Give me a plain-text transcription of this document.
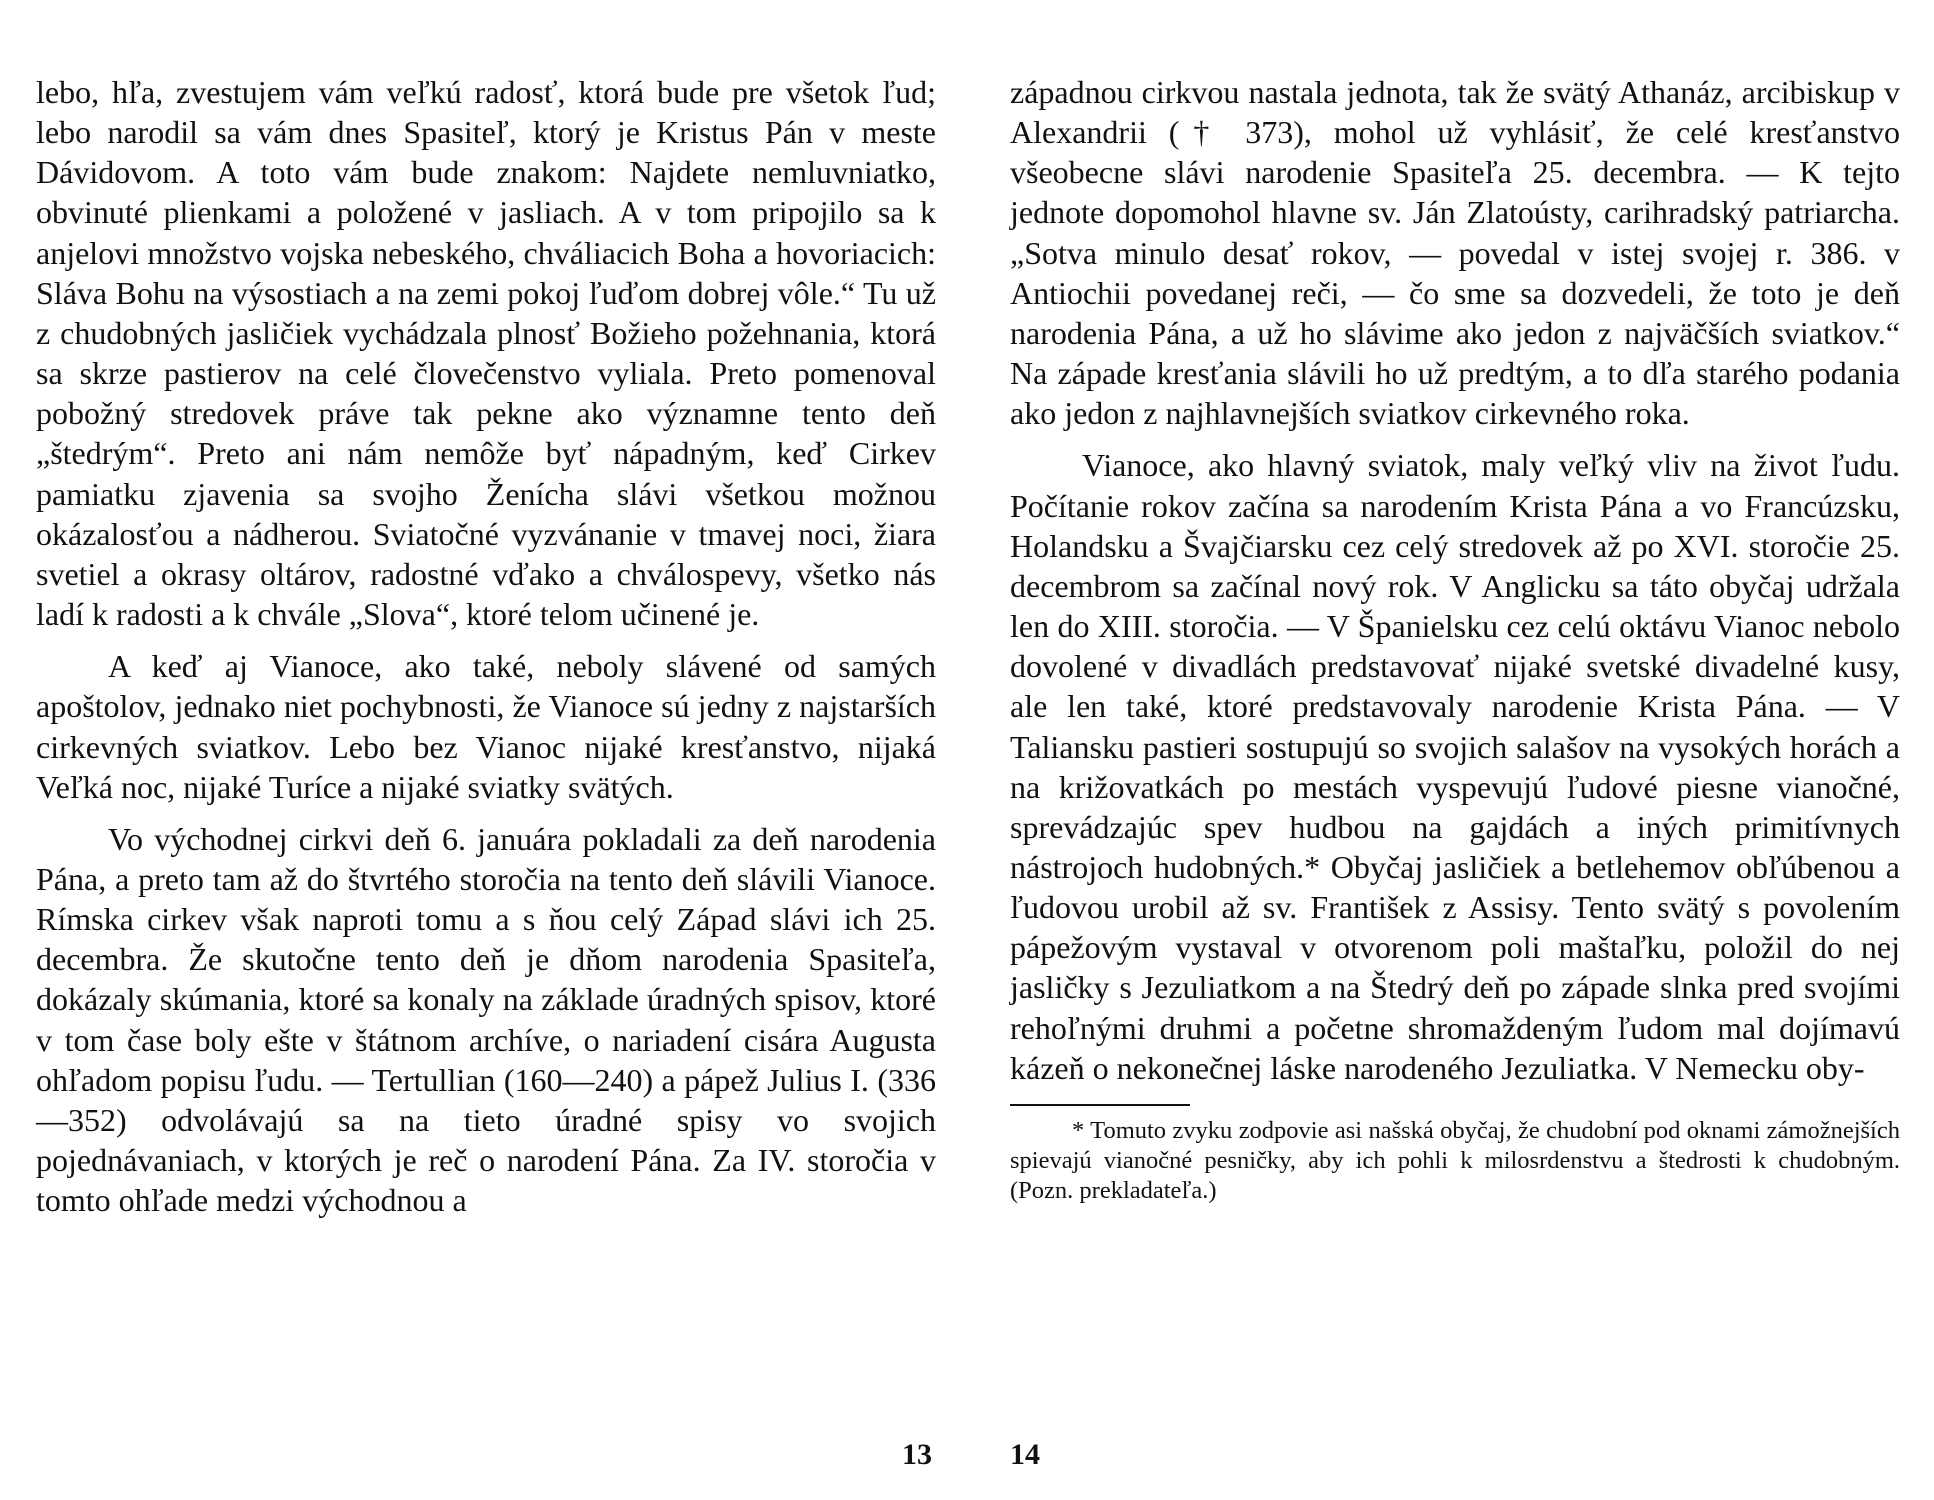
lebo, hľa, zvestujem vám veľkú radosť, ktorá bude pre všetok ľud; lebo narodil sa vám dnes Spasiteľ, ktorý je Kristus Pán v meste Dávidovom. A toto vám bude znakom: Najdete nemluvniatko, obvinuté plienkami a položené v jasliach. A v tom pripojilo sa k anjelovi množstvo vojska nebeského, chváliacich Boha a hovoriacich: Sláva Bohu na výsostiach a na zemi pokoj ľuďom dobrej vôle.“ Tu už z chudobných jasličiek vychádzala plnosť Božieho požehnania, ktorá sa skrze pastierov na celé človečenstvo vyliala. Preto pomenoval pobožný stredovek práve tak pekne ako významne tento deň „štedrým“. Preto ani nám nemôže byť nápadným, keď Cirkev pamiatku zjavenia sa svojho Ženícha slávi všetkou možnou okázalosťou a nádherou. Sviatočné vyzvánanie v tmavej noci, žiara svetiel a okrasy oltárov, radostné vďako a chválospevy, všetko nás ladí k radosti a k chvále „Slova“, ktoré telom učinené je.

A keď aj Vianoce, ako také, neboly slávené od samých apoštolov, jednako niet pochybnosti, že Vianoce sú jedny z najstarších cirkevných sviatkov. Lebo bez Vianoc nijaké kresťanstvo, nijaká Veľká noc, nijaké Turíce a nijaké sviatky svätých.

Vo východnej cirkvi deň 6. januára pokladali za deň narodenia Pána, a preto tam až do štvrtého storočia na tento deň slávili Vianoce. Rímska cirkev však naproti tomu a s ňou celý Západ slávi ich 25. decembra. Že skutočne tento deň je dňom narodenia Spasiteľa, dokázaly skúmania, ktoré sa konaly na základe úradných spisov, ktoré v tom čase boly ešte v štátnom archíve, o nariadení cisára Augusta ohľadom popisu ľudu. — Tertullian (160—240) a pápež Julius I. (336—352) odvolávajú sa na tieto úradné spisy vo svojich pojednávaniach, v ktorých je reč o narodení Pána. Za IV. storočia v tomto ohľade medzi východnou a

západnou cirkvou nastala jednota, tak že svätý Athanáz, arcibiskup v Alexandrii († 373), mohol už vyhlásiť, že celé kresťanstvo všeobecne slávi narodenie Spasiteľa 25. decembra. — K tejto jednote dopomohol hlavne sv. Ján Zlatoústy, carihradský patriarcha. „Sotva minulo desať rokov, — povedal v istej svojej r. 386. v Antiochii povedanej reči, — čo sme sa dozvedeli, že toto je deň narodenia Pána, a už ho slávime ako jedon z najväčších sviatkov.“ Na západe kresťania slávili ho už predtým, a to dľa starého podania ako jedon z najhlavnejších sviatkov cirkevného roka.

Vianoce, ako hlavný sviatok, maly veľký vliv na život ľudu. Počítanie rokov začína sa narodením Krista Pána a vo Francúzsku, Holandsku a Švajčiarsku cez celý stredovek až po XVI. storočie 25. decembrom sa začínal nový rok. V Anglicku sa táto obyčaj udržala len do XIII. storočia. — V Španielsku cez celú oktávu Vianoc nebolo dovolené v divadlách predstavovať nijaké svetské divadelné kusy, ale len také, ktoré predstavovaly narodenie Krista Pána. — V Taliansku pastieri sostupujú so svojich salašov na vysokých horách a na križovatkách po mestách vyspevujú ľudové piesne vianočné, sprevádzajúc spev hudbou na gajdách a iných primitívnych nástrojoch hudobných.* Obyčaj jasličiek a betlehemov obľúbenou a ľudovou urobil až sv. František z Assisy. Tento svätý s povolením pápežovým vystaval v otvorenom poli maštaľku, položil do nej jasličky s Jezuliatkom a na Štedrý deň po západe slnka pred svojími rehoľnými druhmi a početne shromaždeným ľudom mal dojímavú kázeň o nekonečnej láske narodeného Jezuliatka. V Nemecku oby-

* Tomuto zvyku zodpovie asi našská obyčaj, že chudobní pod oknami zámožnejších spievajú vianočné pesničky, aby ich pohli k milosrdenstvu a štedrosti k chudobným. (Pozn. prekladateľa.)

13	14
